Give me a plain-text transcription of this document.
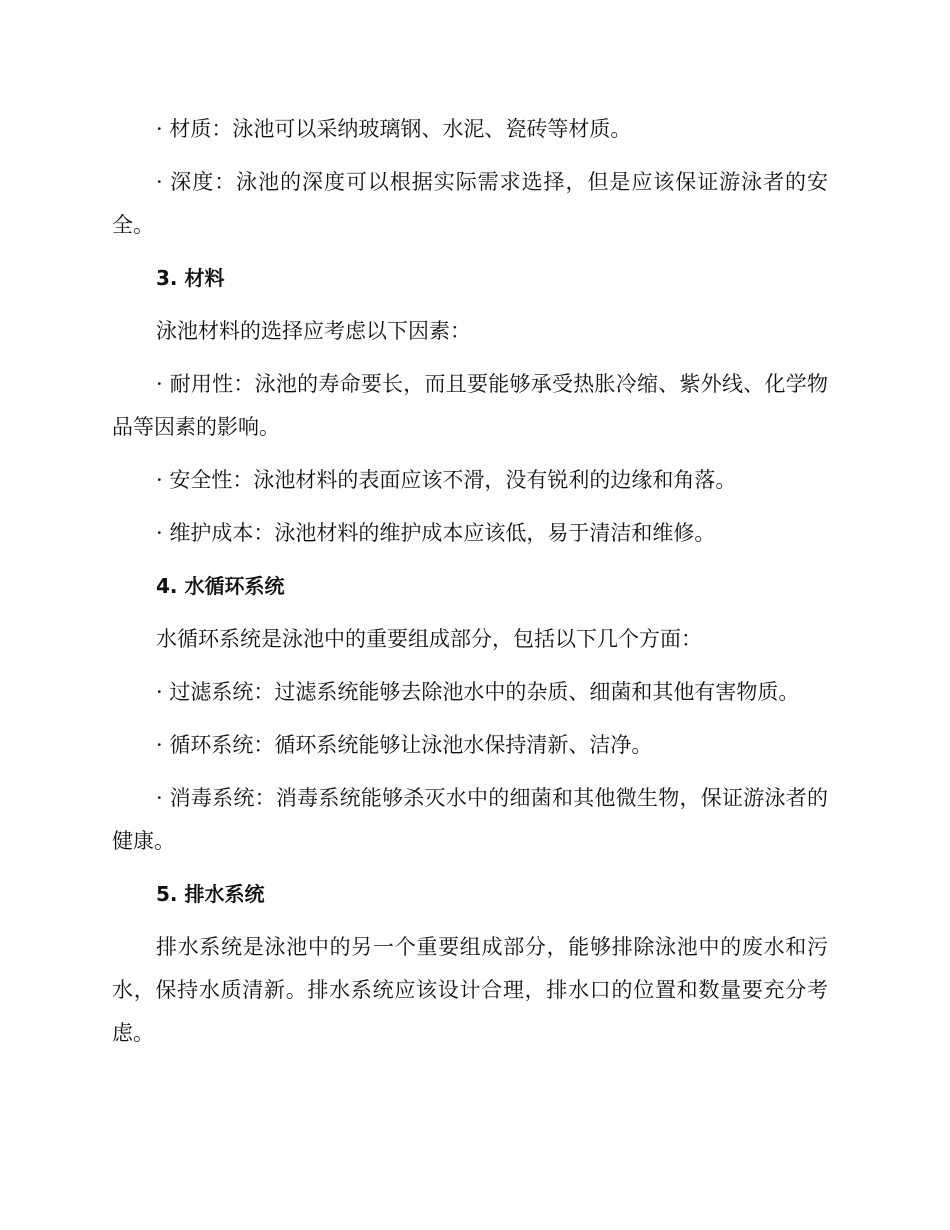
· 材质：泳池可以采纳玻璃钢、水泥、瓷砖等材质。

· 深度：泳池的深度可以根据实际需求选择，但是应该保证游泳者的安全。

3. 材料

泳池材料的选择应考虑以下因素：

· 耐用性：泳池的寿命要长，而且要能够承受热胀冷缩、紫外线、化学物品等因素的影响。

· 安全性：泳池材料的表面应该不滑，没有锐利的边缘和角落。

· 维护成本：泳池材料的维护成本应该低，易于清洁和维修。

4. 水循环系统

水循环系统是泳池中的重要组成部分，包括以下几个方面：

· 过滤系统：过滤系统能够去除池水中的杂质、细菌和其他有害物质。

· 循环系统：循环系统能够让泳池水保持清新、洁净。

· 消毒系统：消毒系统能够杀灭水中的细菌和其他微生物，保证游泳者的健康。

5. 排水系统

排水系统是泳池中的另一个重要组成部分，能够排除泳池中的废水和污水，保持水质清新。排水系统应该设计合理，排水口的位置和数量要充分考虑。
